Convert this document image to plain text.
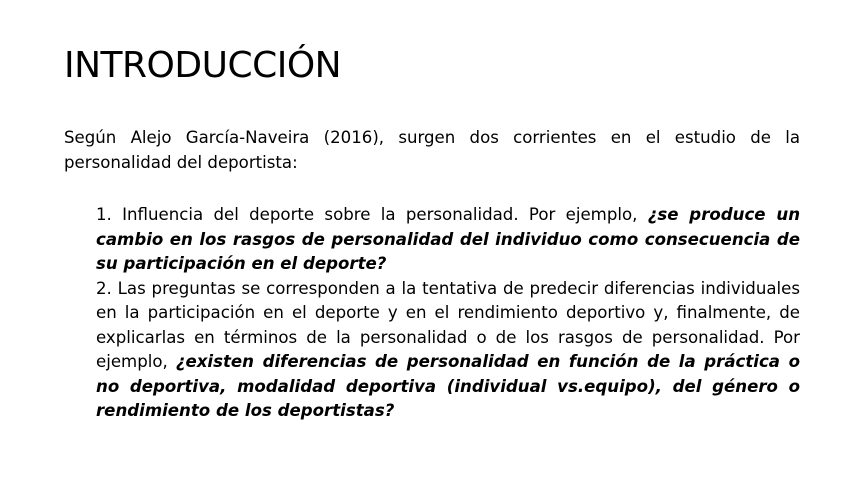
INTRODUCCIÓN

Según Alejo García-Naveira (2016), surgen dos corrientes en el estudio de la personalidad del deportista:

1. Influencia del deporte sobre la personalidad. Por ejemplo, ¿se produce un cambio en los rasgos de personalidad del individuo como consecuencia de su participación en el deporte?
2. Las preguntas se corresponden a la tentativa de predecir diferencias individuales en la participación en el deporte y en el rendimiento deportivo y, finalmente, de explicarlas en términos de la personalidad o de los rasgos de personalidad. Por ejemplo, ¿existen diferencias de personalidad en función de la práctica o no deportiva, modalidad deportiva (individual vs.equipo), del género o rendimiento de los deportistas?
